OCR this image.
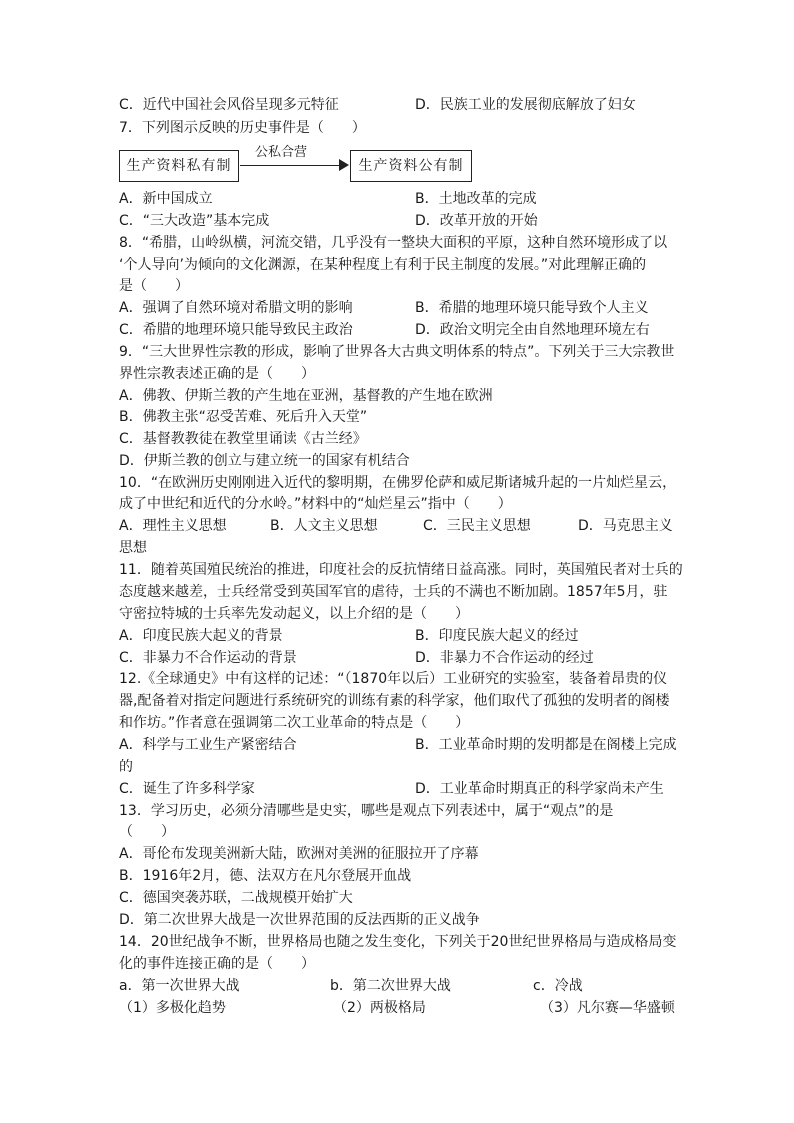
C．近代中国社会风俗呈现多元特征	D．民族工业的发展彻底解放了妇女
7．下列图示反映的历史事件是（　　）
生产资料私有制
公私合营
生产资料公有制
A．新中国成立	B．土地改革的完成
C．“三大改造”基本完成	D．改革开放的开始
8．“希腊，山岭纵横，河流交错，几乎没有一整块大面积的平原，这种自然环境形成了以
‘个人导向’为倾向的文化渊源，在某种程度上有利于民主制度的发展。”对此理解正确的
是（　　）
A．强调了自然环境对希腊文明的影响	B．希腊的地理环境只能导致个人主义
C．希腊的地理环境只能导致民主政治	D．政治文明完全由自然地理环境左右
9．“三大世界性宗教的形成，影响了世界各大古典文明体系的特点”。下列关于三大宗教世
界性宗教表述正确的是（　　）
A．佛教、伊斯兰教的产生地在亚洲，基督教的产生地在欧洲
B．佛教主张“忍受苦难、死后升入天堂”
C．基督教教徒在教堂里诵读《古兰经》
D．伊斯兰教的创立与建立统一的国家有机结合
10．“在欧洲历史刚刚进入近代的黎明期，在佛罗伦萨和威尼斯诸城升起的一片灿烂星云，
成了中世纪和近代的分水岭。”材料中的“灿烂星云”指中（　　）
A．理性主义思想	B．人文主义思想	C．三民主义思想	D．马克思主义
思想
11．随着英国殖民统治的推进，印度社会的反抗情绪日益高涨。同时，英国殖民者对士兵的
态度越来越差，士兵经常受到英国军官的虐待，士兵的不满也不断加剧。1857年5月，驻
守密拉特城的士兵率先发动起义，以上介绍的是（　　）
A．印度民族大起义的背景	B．印度民族大起义的经过
C．非暴力不合作运动的背景	D．非暴力不合作运动的经过
12.《全球通史》中有这样的记述：“（1870年以后）工业研究的实验室，装备着昂贵的仪
器,配备着对指定问题进行系统研究的训练有素的科学家，他们取代了孤独的发明者的阁楼
和作坊。”作者意在强调第二次工业革命的特点是（　　）
A．科学与工业生产紧密结合	B．工业革命时期的发明都是在阁楼上完成
的
C．诞生了许多科学家	D．工业革命时期真正的科学家尚未产生
13．学习历史，必须分清哪些是史实，哪些是观点下列表述中，属于“观点”的是
（　　）
A．哥伦布发现美洲新大陆，欧洲对美洲的征服拉开了序幕
B．1916年2月，德、法双方在凡尔登展开血战
C．德国突袭苏联，二战规模开始扩大
D．第二次世界大战是一次世界范围的反法西斯的正义战争
14．20世纪战争不断，世界格局也随之发生变化，下列关于20世纪世界格局与造成格局变
化的事件连接正确的是（　　）
a．第一次世界大战	b．第二次世界大战	c．冷战
（1）多极化趋势	（2）两极格局	（3）凡尔赛—华盛顿
